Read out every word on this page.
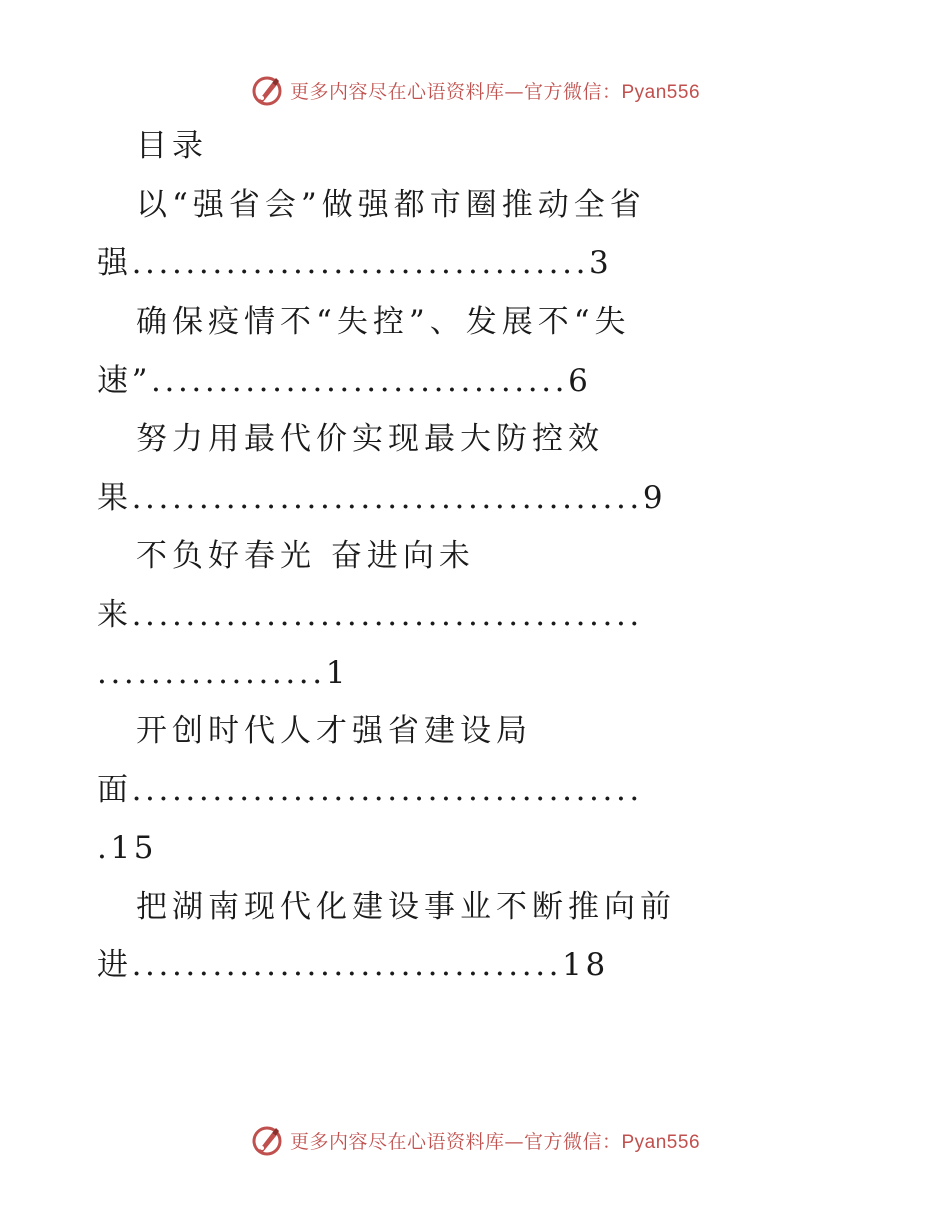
更多内容尽在心语资料库—官方微信：Pyan556
目录
以“强省会”做强都市圈推动全省
强..................................3
确保疫情不“失控”、发展不“失
速”...............................6
努力用最代价实现最大防控效
果......................................9
不负好春光 奋进向未
来......................................
.................1
开创时代人才强省建设局
面......................................
.15
把湖南现代化建设事业不断推向前
进................................18
更多内容尽在心语资料库—官方微信：Pyan556
